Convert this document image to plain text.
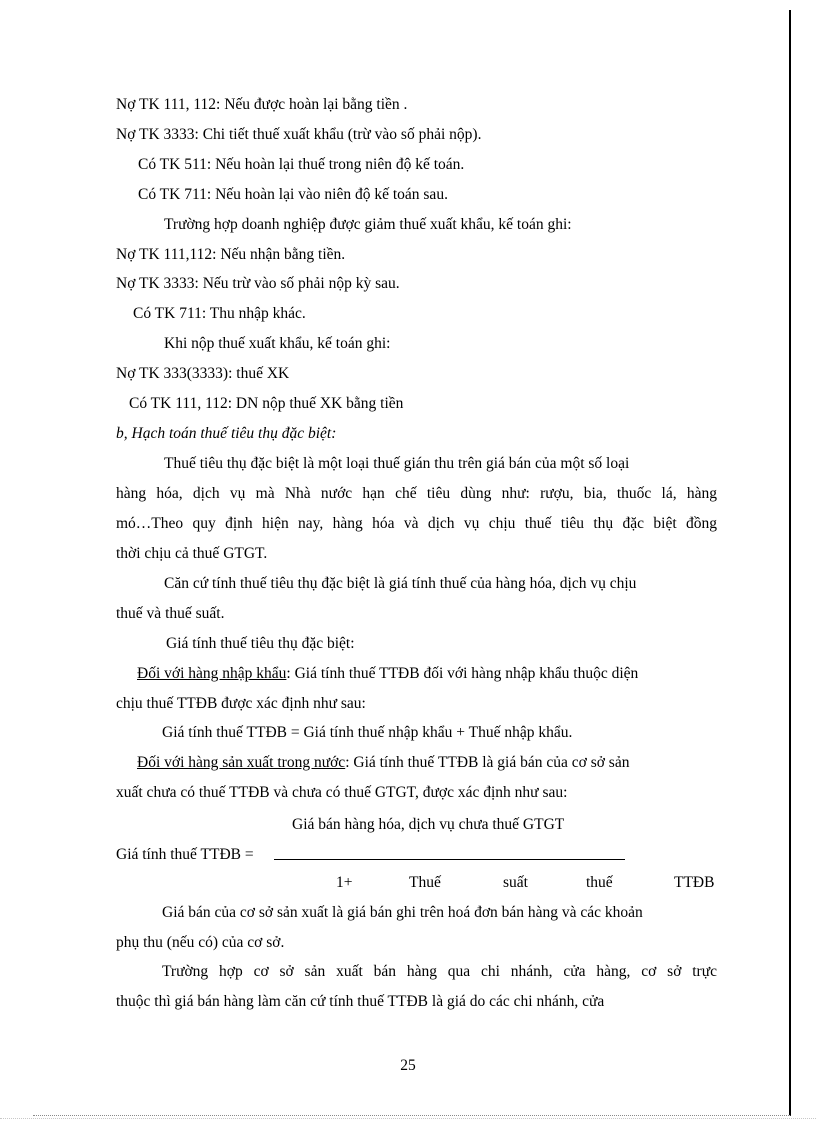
Nợ TK 111, 112: Nếu được hoàn lại bằng tiền .
Nợ TK 3333: Chi tiết thuế xuất khẩu (trừ vào số phải nộp).
Có TK 511: Nếu hoàn lại thuế trong niên độ kế toán.
Có TK 711: Nếu hoàn lại vào niên độ kế toán sau.
Trường hợp doanh nghiệp được giảm thuế xuất khẩu, kế toán ghi:
Nợ TK 111,112: Nếu nhận bằng tiền.
Nợ TK 3333: Nếu trừ vào số phải nộp kỳ sau.
Có TK 711: Thu nhập khác.
Khi nộp thuế xuất khẩu, kế toán ghi:
Nợ TK 333(3333): thuế XK
Có TK 111, 112: DN nộp thuế XK bằng tiền
b, Hạch toán thuế tiêu thụ đặc biệt:
Thuế tiêu thụ đặc biệt là một loại thuế gián thu trên giá bán của một số loại
hàng hóa, dịch vụ mà Nhà nước hạn chế tiêu dùng như: rượu, bia, thuốc lá, hàng
mó…Theo quy định hiện nay, hàng hóa và dịch vụ chịu thuế tiêu thụ đặc biệt đồng
thời chịu cả thuế GTGT.
Căn cứ tính thuế tiêu thụ đặc biệt là giá tính thuế của hàng hóa, dịch vụ chịu
thuế và thuế suất.
Giá tính thuế tiêu thụ đặc biệt:
Đối với hàng nhập khẩu: Giá tính thuế TTĐB đối với hàng nhập khẩu thuộc diện
chịu thuế TTĐB được xác định như sau:
Giá tính thuế TTĐB = Giá tính thuế nhập khẩu + Thuế nhập khẩu.
Đối với hàng sản xuất trong nước: Giá tính thuế TTĐB là giá bán của cơ sở sản
xuất chưa có thuế TTĐB và chưa có thuế GTGT, được xác định như sau:
Giá bán hàng hóa, dịch vụ chưa thuế GTGT
Giá tính thuế TTĐB =
1+	Thuế	suất	thuế	TTĐB
Giá bán của cơ sở sản xuất là giá bán ghi trên hoá đơn bán hàng và các khoản
phụ thu (nếu có) của cơ sở.
Trường hợp cơ sở sản xuất bán hàng qua chi nhánh, cửa hàng, cơ sở trực
thuộc thì giá bán hàng làm căn cứ tính thuế TTĐB là giá do các chi nhánh, cửa
25
